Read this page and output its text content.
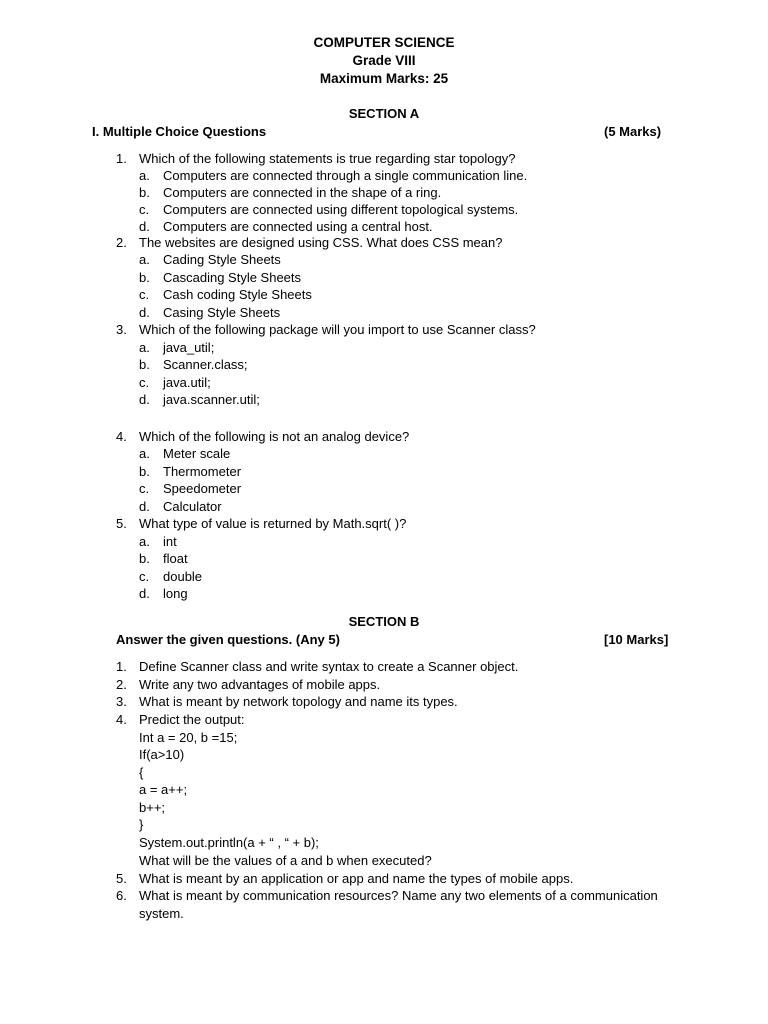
COMPUTER SCIENCE
Grade VIII
Maximum Marks: 25
SECTION A
I. Multiple Choice Questions	(5 Marks)
1. Which of the following statements is true regarding star topology?
a. Computers are connected through a single communication line.
b. Computers are connected in the shape of a ring.
c. Computers are connected using different topological systems.
d. Computers are connected using a central host.
2. The websites are designed using CSS. What does CSS mean?
a. Cading Style Sheets
b. Cascading Style Sheets
c. Cash coding Style Sheets
d. Casing Style Sheets
3. Which of the following package will you import to use Scanner class?
a. java_util;
b. Scanner.class;
c. java.util;
d. java.scanner.util;
4. Which of the following is not an analog device?
a. Meter scale
b. Thermometer
c. Speedometer
d. Calculator
5. What type of value is returned by Math.sqrt( )?
a. int
b. float
c. double
d. long
SECTION B
Answer the given questions. (Any 5)	[10 Marks]
1. Define Scanner class and write syntax to create a Scanner object.
2. Write any two advantages of mobile apps.
3. What is meant by network topology and name its types.
4. Predict the output:
Int a = 20, b =15;
If(a>10)
{
a = a++;
b++;
}
System.out.println(a + “ , “ + b);
What will be the values of a and b when executed?
5. What is meant by an application or app and name the types of mobile apps.
6. What is meant by communication resources? Name any two elements of a communication
system.
